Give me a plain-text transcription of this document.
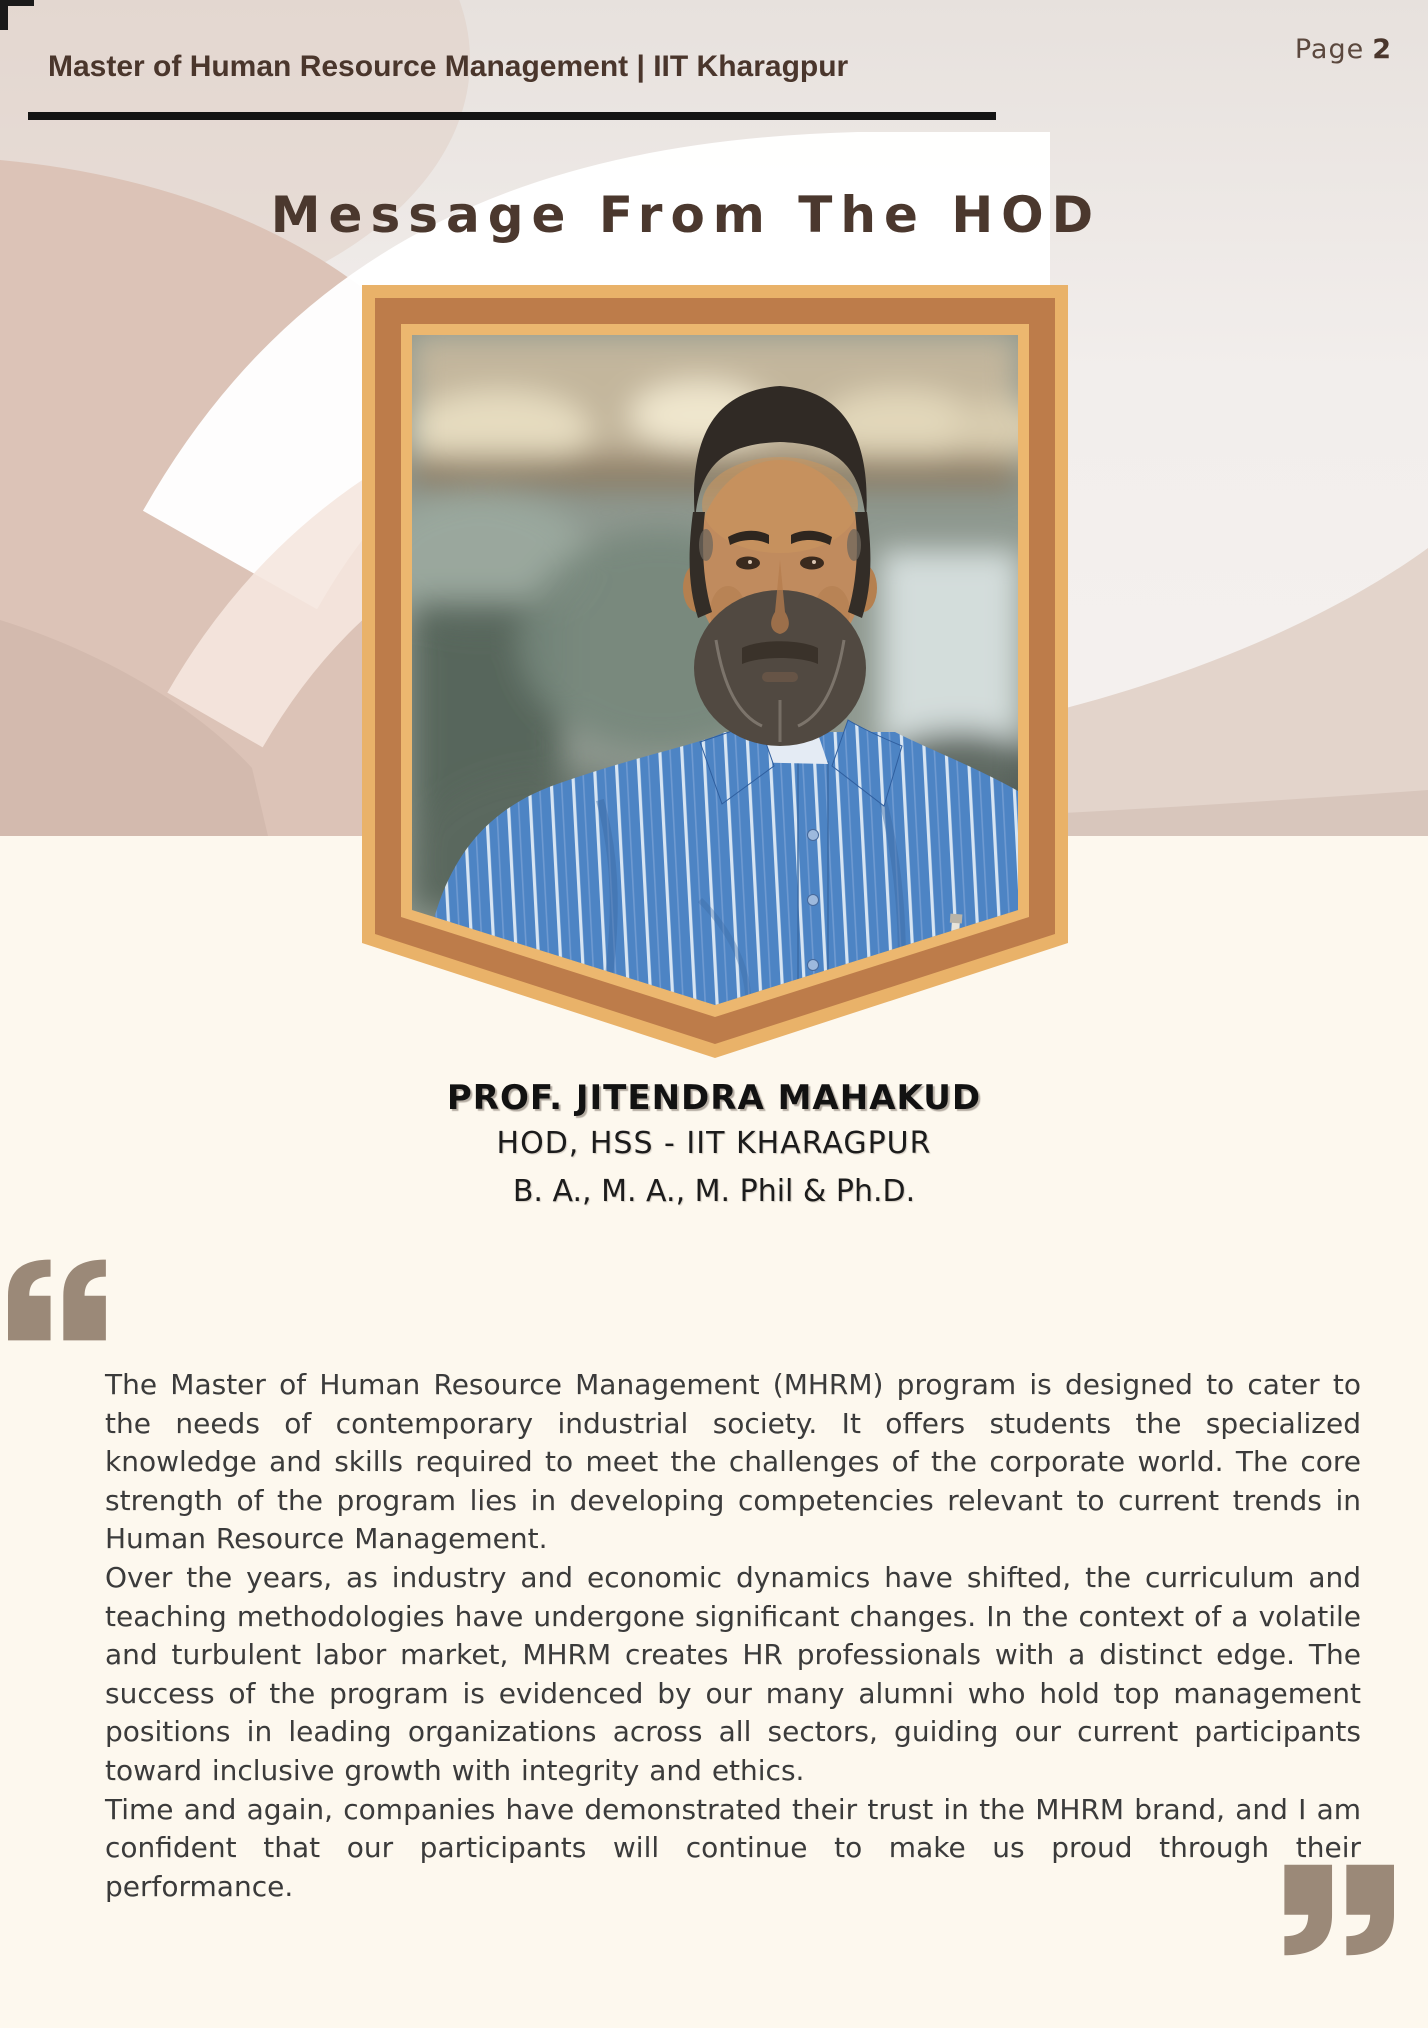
Master of Human Resource Management | IIT Kharagpur
Page 2
Message From The HOD
PROF. JITENDRA MAHAKUD
HOD, HSS - IIT KHARAGPUR
B. A., M. A., M. Phil & Ph.D.

The Master of Human Resource Management (MHRM) program is designed to cater to the needs of contemporary industrial society. It offers students the specialized knowledge and skills required to meet the challenges of the corporate world. The core strength of the program lies in developing competencies relevant to current trends in Human Resource Management.

Over the years, as industry and economic dynamics have shifted, the curriculum and teaching methodologies have undergone significant changes. In the context of a volatile and turbulent labor market, MHRM creates HR professionals with a distinct edge. The success of the program is evidenced by our many alumni who hold top management positions in leading organizations across all sectors, guiding our current participants toward inclusive growth with integrity and ethics.

Time and again, companies have demonstrated their trust in the MHRM brand, and I am confident that our participants will continue to make us proud through their performance.
